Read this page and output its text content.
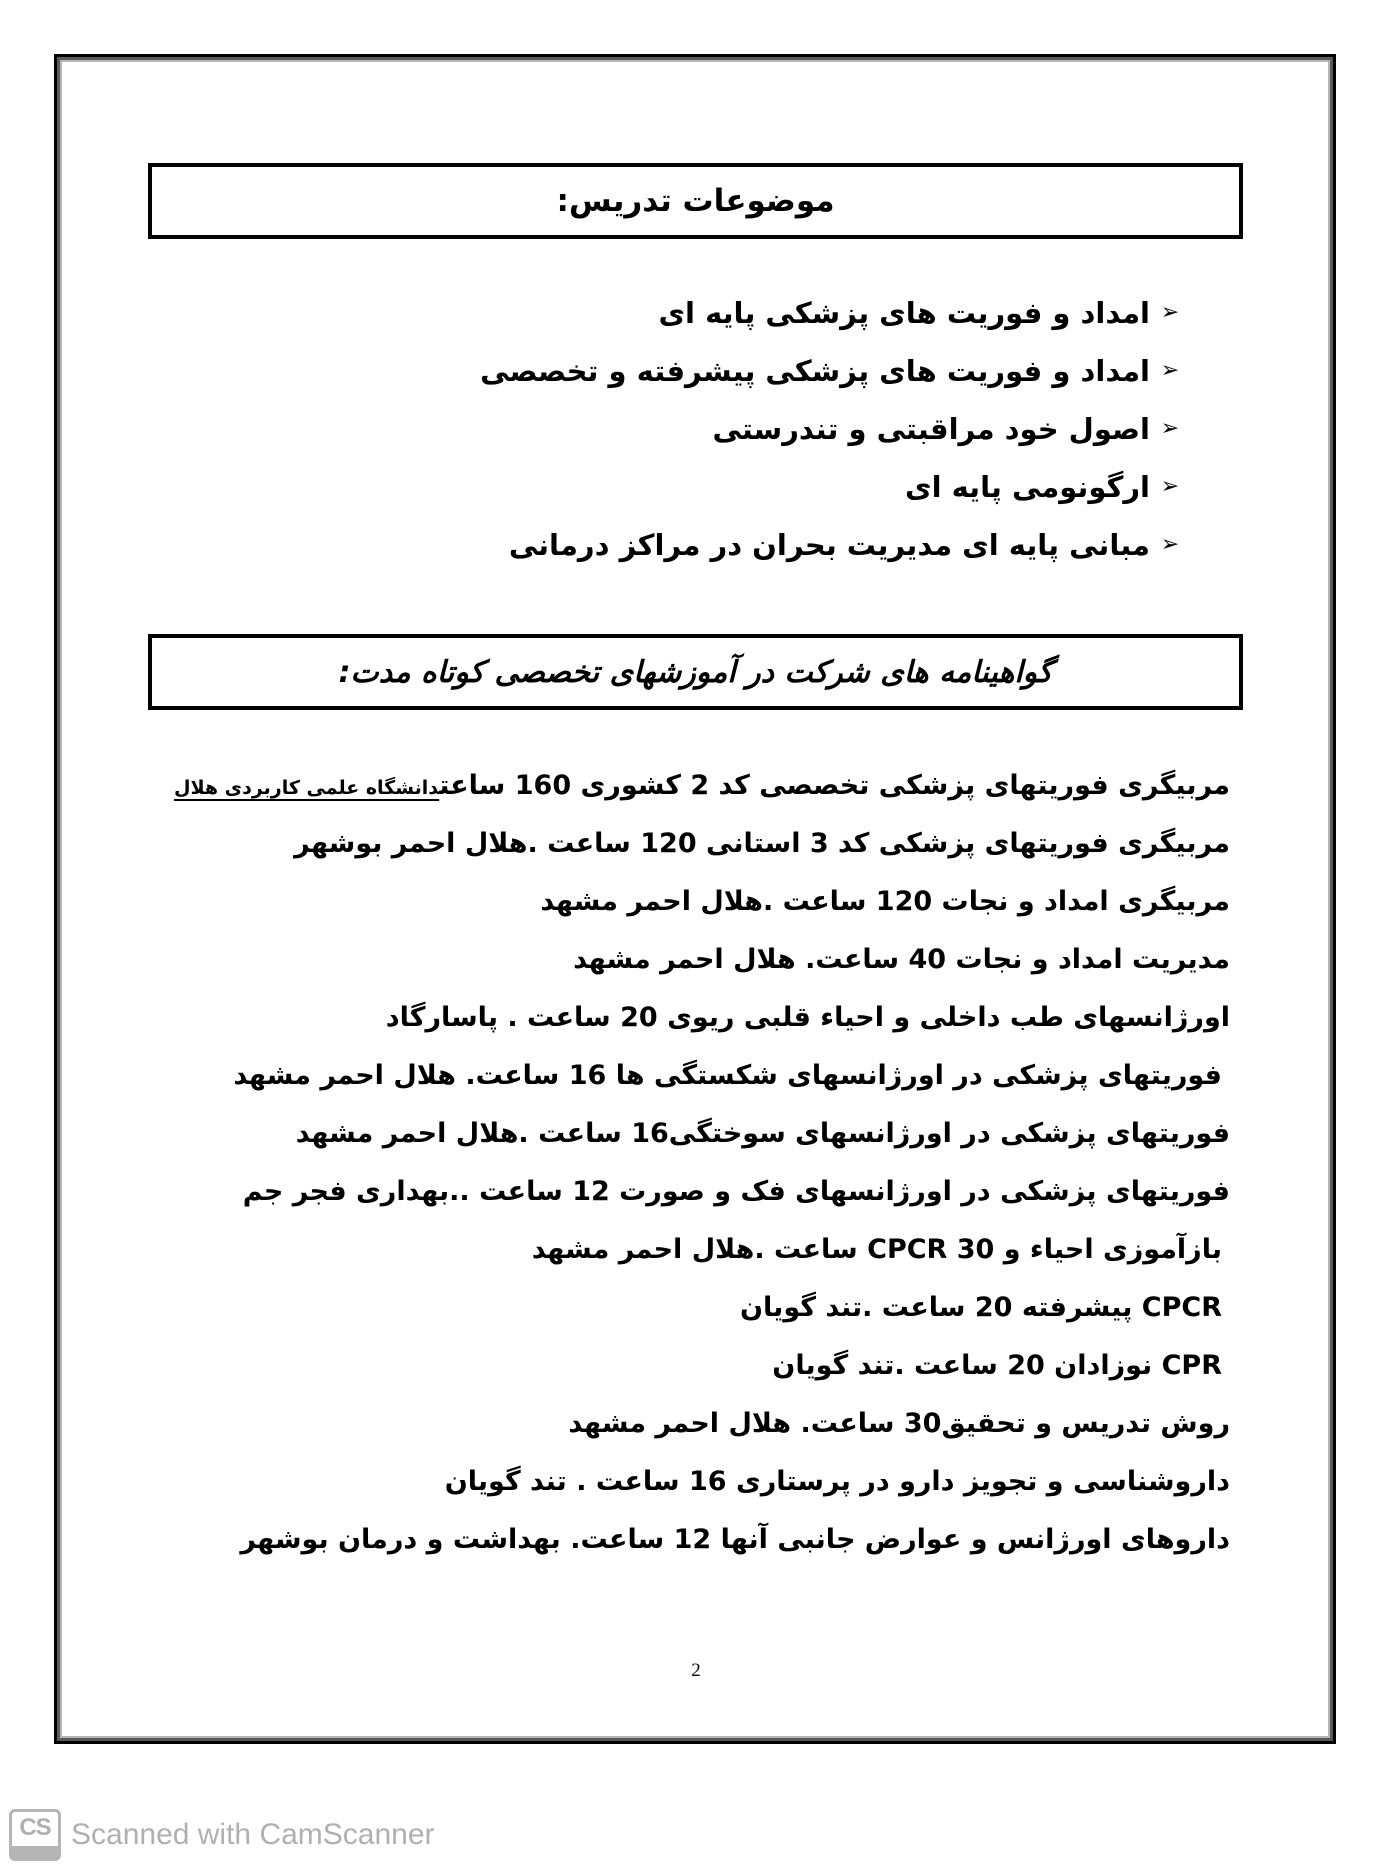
موضوعات تدریس:
➢
امداد و فوریت های پزشکی پایه ای
➢
امداد و فوریت های پزشکی پیشرفته و تخصصی
➢
اصول خود مراقبتی و تندرستی
➢
ارگونومی پایه ای
➢
مبانی پایه ای مدیریت بحران در مراکز درمانی
گواهینامه های شرکت در آموزشهای تخصصی کوتاه مدت:
مربیگری فوریتهای پزشکی تخصصی کد 2 کشوری 160 ساعتدانشگاه علمی کاربردی هلال
مربیگری فوریتهای پزشکی کد 3 استانی 120 ساعت .هلال احمر بوشهر
مربیگری امداد و نجات 120 ساعت .هلال احمر مشهد
مدیریت امداد و نجات 40 ساعت. هلال احمر مشهد
اورژانسهای طب داخلی و احیاء قلبی ریوی 20 ساعت . پاسارگاد
فوریتهای پزشکی در اورژانسهای شکستگی ها 16 ساعت. هلال احمر مشهد
فوریتهای پزشکی در اورژانسهای سوختگی16 ساعت .هلال احمر مشهد
فوریتهای پزشکی در اورژانسهای فک و صورت 12 ساعت ..بهداری فجر جم
بازآموزی احیاء و CPCR 30 ساعت .هلال احمر مشهد
CPCR پیشرفته 20 ساعت .تند گویان
CPR نوزادان 20 ساعت .تند گویان
روش تدریس و تحقیق30 ساعت. هلال احمر مشهد
داروشناسی و تجویز دارو در پرستاری 16 ساعت . تند گویان
داروهای اورژانس و عوارض جانبی آنها 12 ساعت. بهداشت و درمان بوشهر
2
CS Scanned with CamScanner
